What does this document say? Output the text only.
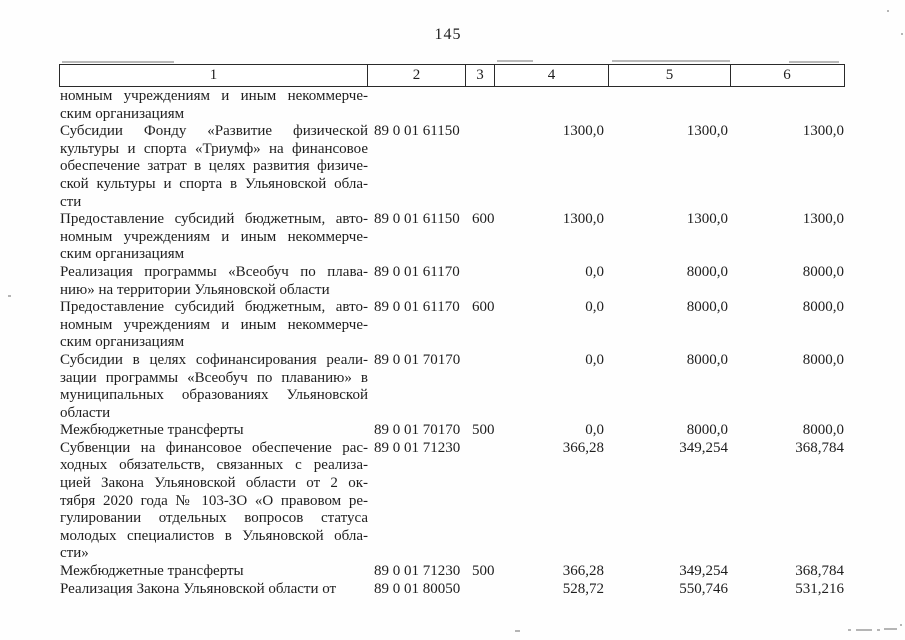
145
1	2	3	4	5	6
номным учреждениям и иным некоммерче-
ским организациям
Субсидии Фонду «Развитие физической
культуры и спорта «Триумф» на финансовое
обеспечение затрат в целях развития физиче-
ской культуры и спорта в Ульяновской обла-
сти
89 0 01 61150	1300,0	1300,0	1300,0
Предоставление субсидий бюджетным, авто-
номным учреждениям и иным некоммерче-
ским организациям
89 0 01 61150 600	1300,0	1300,0	1300,0
Реализация программы «Всеобуч по плава-
нию» на территории Ульяновской области
89 0 01 61170	0,0	8000,0	8000,0
Предоставление субсидий бюджетным, авто-
номным учреждениям и иным некоммерче-
ским организациям
89 0 01 61170 600	0,0	8000,0	8000,0
Субсидии в целях софинансирования реали-
зации программы «Всеобуч по плаванию» в
муниципальных образованиях Ульяновской
области
89 0 01 70170	0,0	8000,0	8000,0
Межбюджетные трансферты	89 0 01 70170 500	0,0	8000,0	8000,0
Субвенции на финансовое обеспечение рас-
ходных обязательств, связанных с реализа-
цией Закона Ульяновской области от 2 ок-
тября 2020 года № 103-ЗО «О правовом ре-
гулировании отдельных вопросов статуса
молодых специалистов в Ульяновской обла-
сти»
89 0 01 71230	366,28	349,254	368,784
Межбюджетные трансферты	89 0 01 71230 500	366,28	349,254	368,784
Реализация Закона Ульяновской области от	89 0 01 80050	528,72	550,746	531,216
